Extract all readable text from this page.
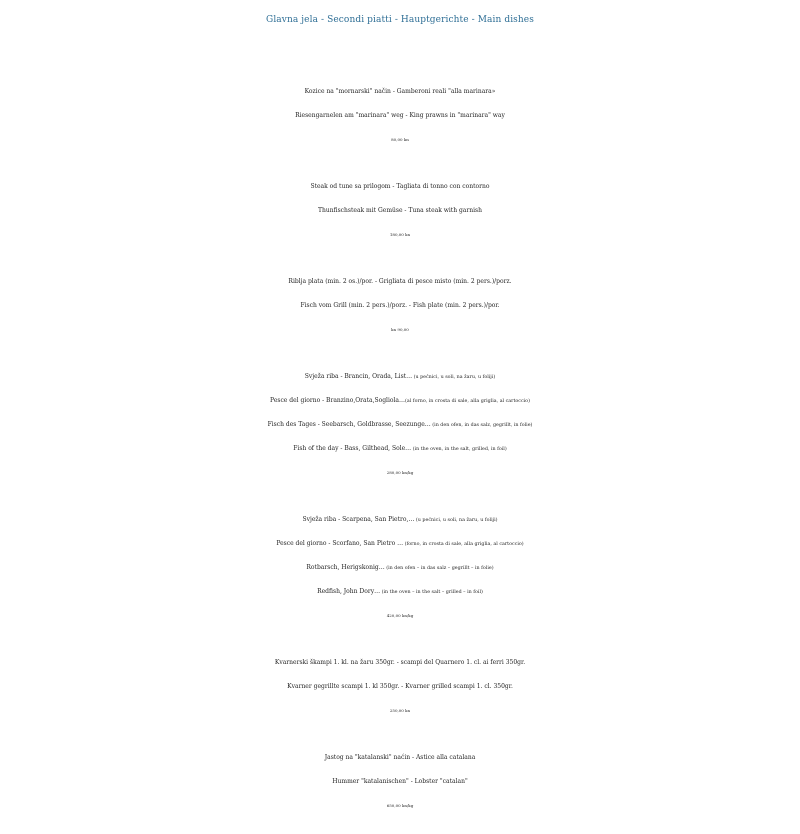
Glavna jela - Secondi piatti - Hauptgerichte - Main dishes
Kozice na "mornarski" način - Gamberoni reali "alla marinara»
Riesengarnelen am "marinara" weg - King prawns in "marinara" way
80,00 kn
Steak od tune sa prilogom - Tagliata di tonno con contorno
Thunfischsteak mit Gemüse - Tuna steak with garnish
180,00 kn
Riblja plata (min. 2 os.)/por. - Grigliata di pesce misto (min. 2 pers.)/porz.
Fisch vom Grill (min. 2 pers.)/porz. - Fish plate (min. 2 pers.)/por.
kn 90,00
Svježa riba - Brancin, Orada, List… (u pećnici, u soli, na žaru, u foliji)
Pesce del giorno - Branzino,Orata,Sogliola…(al forno, in crosta di sale, alla griglia, al cartoccio)
Fisch des Tages - Seebarsch, Goldbrasse, Seezunge… (in den ofen, in das salz, gegrillt, in folie)
Fish of the day - Bass, Gilthead, Sole… (in the oven, in the salt, grilled, in foil)
280,00 kn/kg
Svježa riba - Scarpena, San Pietro,… (u pećnici, u soli, na žaru, u foliji)
Pesce del giorno - Scorfano, San Pietro … (forno, in crosta di sale, alla griglia, al cartoccio)
Rotbarsch, Herigskonig… (in den ofen – in das salz – gegrillt – in folie)
Redfish, John Dory… (in the oven – in the salt – grilled – in foil)
420,00 kn/kg
Kvarnerski škampi 1. kl. na žaru 350gr. - scampi del Quarnero 1. cl. ai ferri 350gr.
Kvarner gegrillte scampi 1. kl 350gr. - Kvarner grilled scampi 1. cl. 350gr.
250,00 kn
Jastog na "katalanski" naćin - Astice alla catalana
Hummer "katalanischen" - Lobster "catalan"
650,00 kn/kg
